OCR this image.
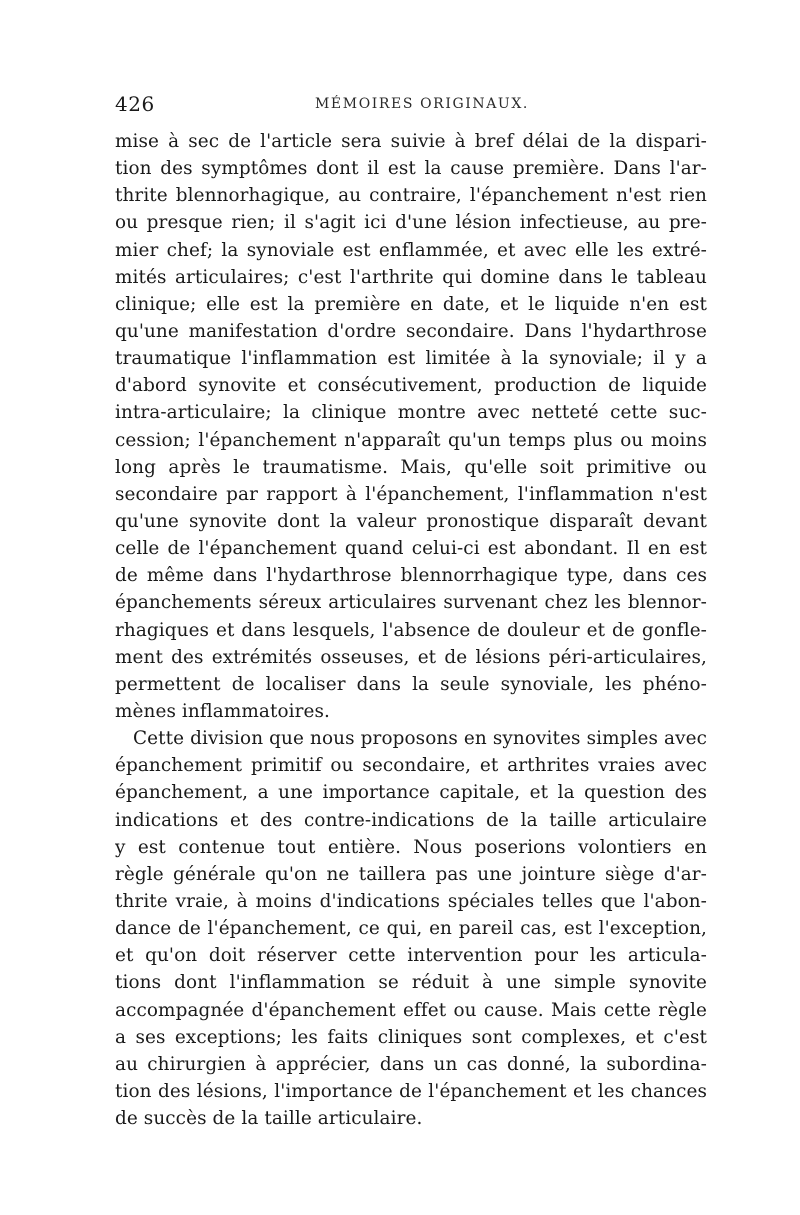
426	MÉMOIRES ORIGINAUX.
mise à sec de l'article sera suivie à bref délai de la dispari-
tion des symptômes dont il est la cause première. Dans l'ar-
thrite blennorhagique, au contraire, l'épanchement n'est rien
ou presque rien; il s'agit ici d'une lésion infectieuse, au pre-
mier chef; la synoviale est enflammée, et avec elle les extré-
mités articulaires; c'est l'arthrite qui domine dans le tableau
clinique; elle est la première en date, et le liquide n'en est
qu'une manifestation d'ordre secondaire. Dans l'hydarthrose
traumatique l'inflammation est limitée à la synoviale; il y a
d'abord synovite et consécutivement, production de liquide
intra-articulaire; la clinique montre avec netteté cette suc-
cession; l'épanchement n'apparaît qu'un temps plus ou moins
long après le traumatisme. Mais, qu'elle soit primitive ou
secondaire par rapport à l'épanchement, l'inflammation n'est
qu'une synovite dont la valeur pronostique disparaît devant
celle de l'épanchement quand celui-ci est abondant. Il en est
de même dans l'hydarthrose blennorrhagique type, dans ces
épanchements séreux articulaires survenant chez les blennor-
rhagiques et dans lesquels, l'absence de douleur et de gonfle-
ment des extrémités osseuses, et de lésions péri-articulaires,
permettent de localiser dans la seule synoviale, les phéno-
mènes inflammatoires.
Cette division que nous proposons en synovites simples avec
épanchement primitif ou secondaire, et arthrites vraies avec
épanchement, a une importance capitale, et la question des
indications et des contre-indications de la taille articulaire
y est contenue tout entière. Nous poserions volontiers en
règle générale qu'on ne taillera pas une jointure siège d'ar-
thrite vraie, à moins d'indications spéciales telles que l'abon-
dance de l'épanchement, ce qui, en pareil cas, est l'exception,
et qu'on doit réserver cette intervention pour les articula-
tions dont l'inflammation se réduit à une simple synovite
accompagnée d'épanchement effet ou cause. Mais cette règle
a ses exceptions; les faits cliniques sont complexes, et c'est
au chirurgien à apprécier, dans un cas donné, la subordina-
tion des lésions, l'importance de l'épanchement et les chances
de succès de la taille articulaire.
